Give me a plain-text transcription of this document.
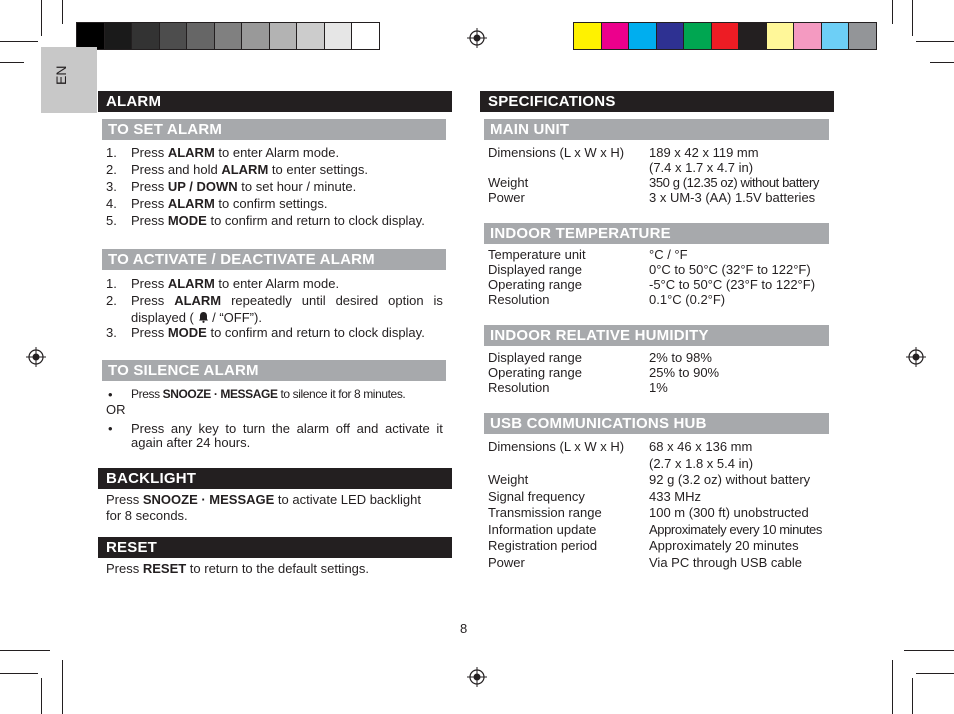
EN
ALARM
TO SET ALARM
1. Press ALARM to enter Alarm mode.
2. Press and hold ALARM to enter settings.
3. Press UP / DOWN to set hour / minute.
4. Press ALARM to confirm settings.
5. Press MODE to confirm and return to clock display.
TO ACTIVATE / DEACTIVATE ALARM
1. Press ALARM to enter Alarm mode.
2. Press ALARM repeatedly until desired option is
displayed (  / “OFF”).
3. Press MODE to confirm and return to clock display.
TO SILENCE ALARM
• Press SNOOZE · MESSAGE to silence it for 8 minutes.
OR
• Press any key to turn the alarm off and activate it
again after 24 hours.
BACKLIGHT
Press SNOOZE · MESSAGE to activate LED backlight
for 8 seconds.
RESET
Press RESET to return to the default settings.
SPECIFICATIONS
MAIN UNIT
Dimensions (L x W x H) 189 x 42 x 119 mm
(7.4 x 1.7 x 4.7 in)
Weight	350 g (12.35 oz) without battery
Power	3 x UM-3 (AA) 1.5V batteries
INDOOR TEMPERATURE
Temperature unit	°C / °F
Displayed range	0°C to 50°C (32°F to 122°F)
Operating range	-5°C to 50°C (23°F to 122°F)
Resolution	0.1°C (0.2°F)
INDOOR RELATIVE HUMIDITY
Displayed range	2% to 98%
Operating range	25% to 90%
Resolution	1%
USB COMMUNICATIONS HUB
Dimensions (L x W x H) 68 x 46 x 136 mm
(2.7 x 1.8 x 5.4 in)
Weight	92 g (3.2 oz) without battery
Signal frequency	433 MHz
Transmission range	100 m (300 ft) unobstructed
Information update	Approximately every 10 minutes
Registration period	Approximately 20 minutes
Power	Via PC through USB cable
8
